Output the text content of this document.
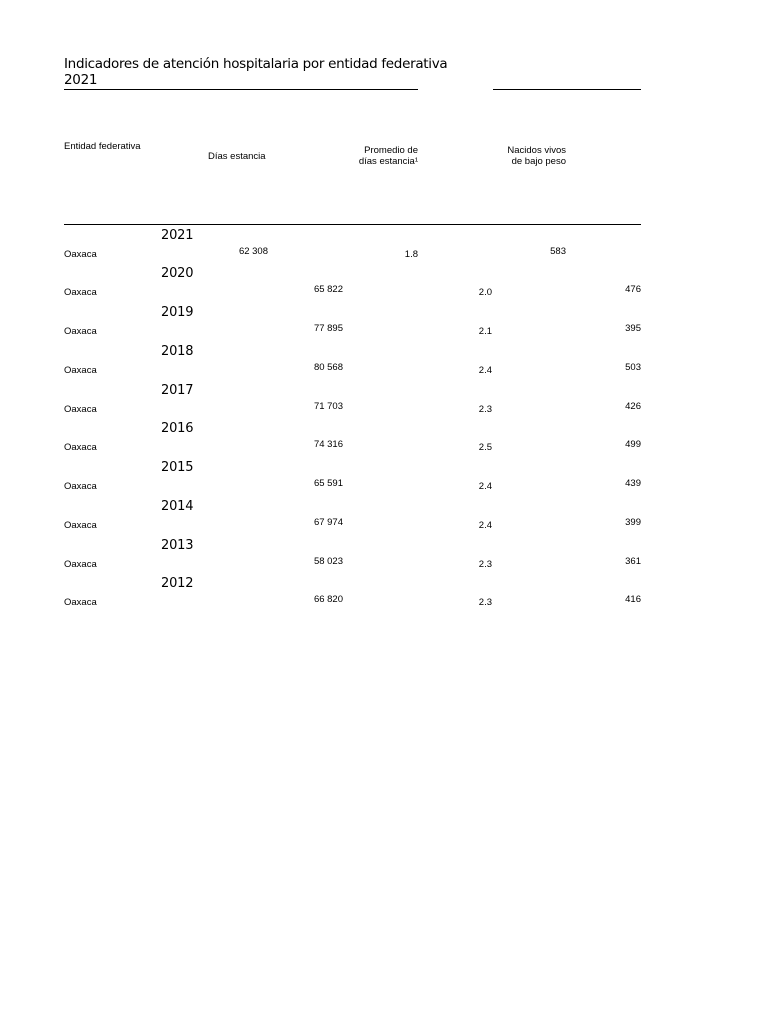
Indicadores de atención hospitalaria por entidad federativa
2021
Entidad federativa
Días estancia
Promedio de
días estancia¹
Nacidos vivos
de bajo peso
2021
Oaxaca	62 308	1.8	583
2020
Oaxaca	65 822	2.0	476
2019
Oaxaca	77 895	2.1	395
2018
Oaxaca	80 568	2.4	503
2017
Oaxaca	71 703	2.3	426
2016
Oaxaca	74 316	2.5	499
2015
Oaxaca	65 591	2.4	439
2014
Oaxaca	67 974	2.4	399
2013
Oaxaca	58 023	2.3	361
2012
Oaxaca	66 820	2.3	416
